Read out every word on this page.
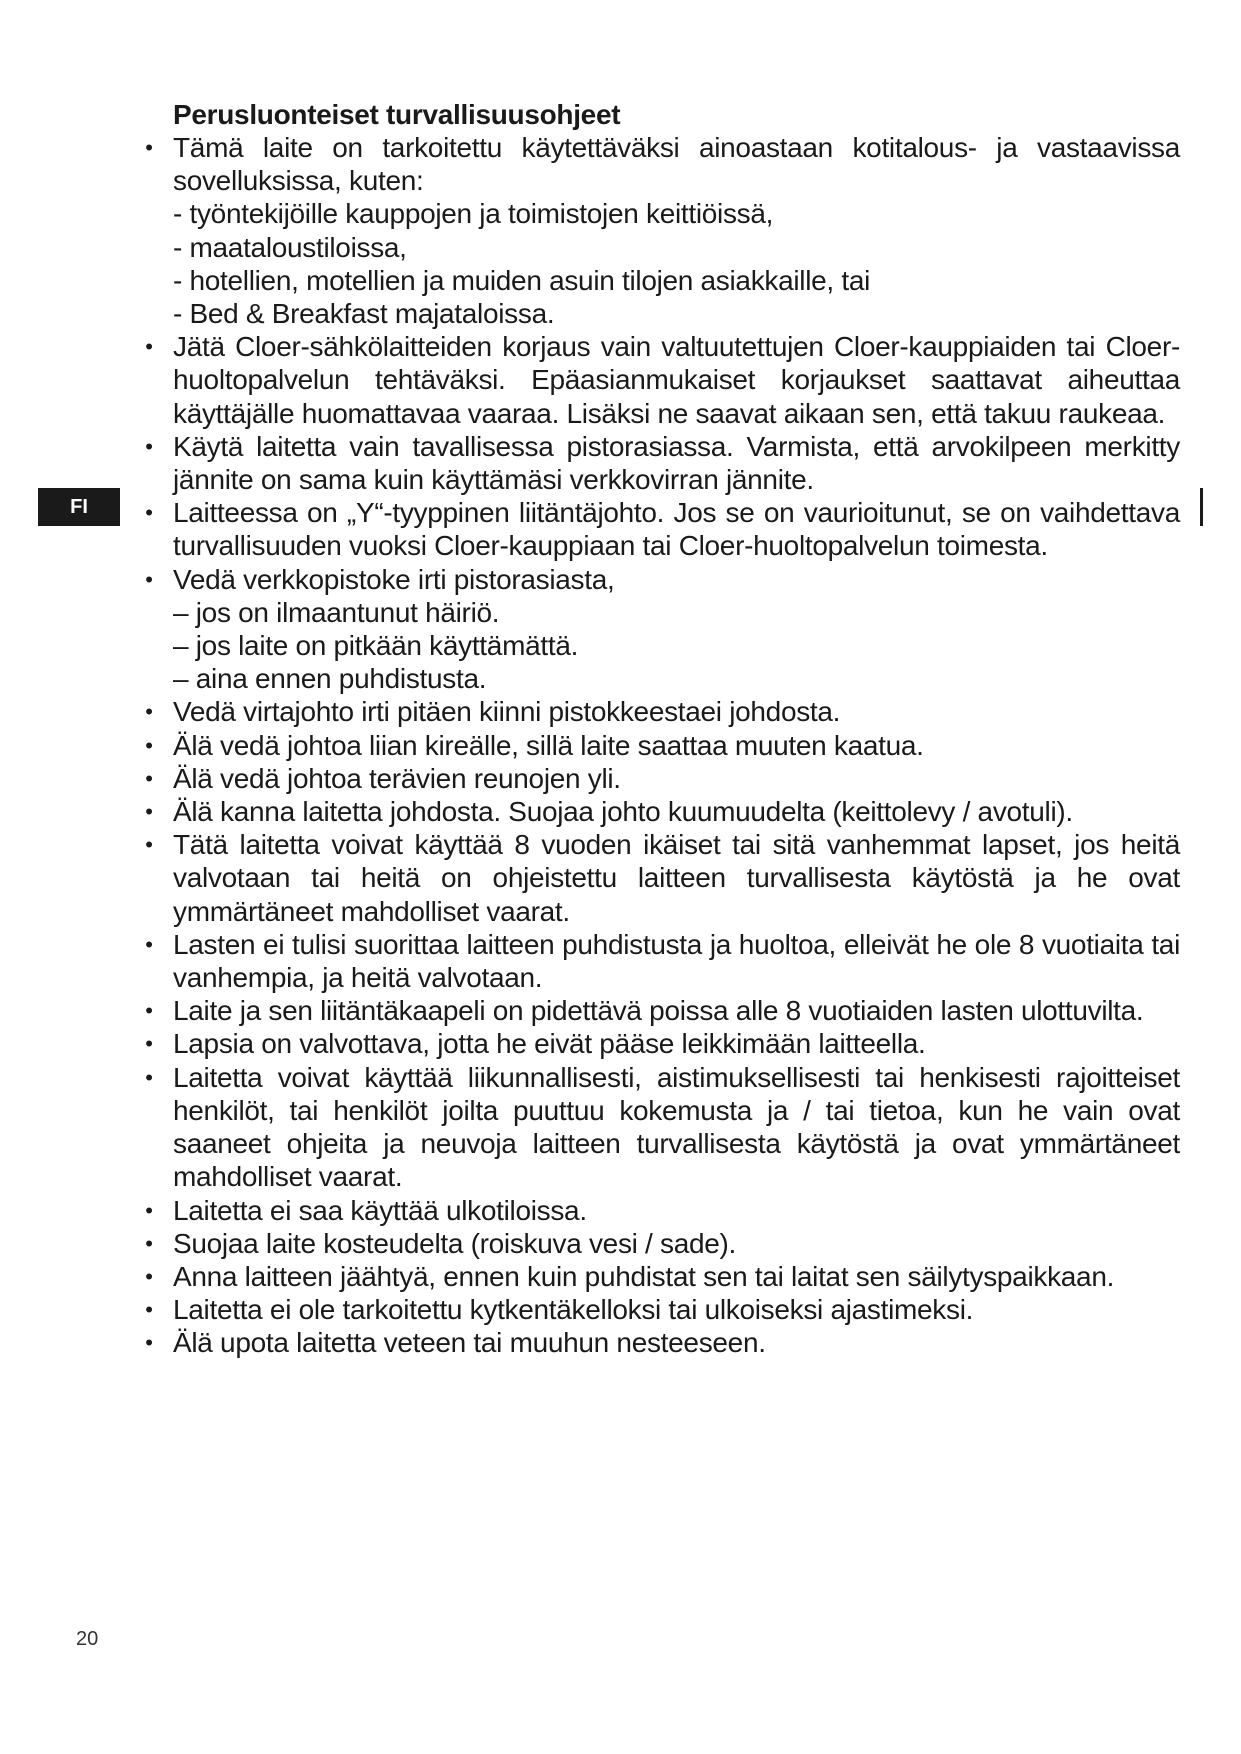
FI
Perusluonteiset turvallisuusohjeet
• Tämä laite on tarkoitettu käytettäväksi ainoastaan kotitalous- ja vastaavissa sovelluksissa, kuten:
- työntekijöille kauppojen ja toimistojen keittiöissä,
- maataloustiloissa,
- hotellien, motellien ja muiden asuin tilojen asiakkaille, tai
- Bed & Breakfast majataloissa.
• Jätä Cloer-sähkölaitteiden korjaus vain valtuutettujen Cloer-kauppiaiden tai Cloer-huoltopalvelun tehtäväksi. Epäasianmukaiset korjaukset saattavat aiheuttaa käyttäjälle huomattavaa vaaraa. Lisäksi ne saavat aikaan sen, että takuu raukeaa.
• Käytä laitetta vain tavallisessa pistorasiassa. Varmista, että arvokilpeen merkitty jännite on sama kuin käyttämäsi verkkovirran jännite.
• Laitteessa on „Y“-tyyppinen liitäntäjohto. Jos se on vaurioitunut, se on vaihdettava turvallisuuden vuoksi Cloer-kauppiaan tai Cloer-huoltopalvelun toimesta.
• Vedä verkkopistoke irti pistorasiasta,
– jos on ilmaantunut häiriö.
– jos laite on pitkään käyttämättä.
– aina ennen puhdistusta.
• Vedä virtajohto irti pitäen kiinni pistokkeestaei johdosta.
• Älä vedä johtoa liian kireälle, sillä laite saattaa muuten kaatua.
• Älä vedä johtoa terävien reunojen yli.
• Älä kanna laitetta johdosta. Suojaa johto kuumuudelta (keittolevy / avotuli).
• Tätä laitetta voivat käyttää 8 vuoden ikäiset tai sitä vanhemmat lapset, jos heitä valvotaan tai heitä on ohjeistettu laitteen turvallisesta käytöstä ja he ovat ymmärtäneet mahdolliset vaarat.
• Lasten ei tulisi suorittaa laitteen puhdistusta ja huoltoa, elleivät he ole 8 vuotiaita tai vanhempia, ja heitä valvotaan.
• Laite ja sen liitäntäkaapeli on pidettävä poissa alle 8 vuotiaiden lasten ulottuvilta.
• Lapsia on valvottava, jotta he eivät pääse leikkimään laitteella.
• Laitetta voivat käyttää liikunnallisesti, aistimuksellisesti tai henkisesti rajoitteiset henkilöt, tai henkilöt joilta puuttuu kokemusta ja / tai tietoa, kun he vain ovat saaneet ohjeita ja neuvoja laitteen turvallisesta käytöstä ja ovat ymmärtäneet mahdolliset vaarat.
• Laitetta ei saa käyttää ulkotiloissa.
• Suojaa laite kosteudelta (roiskuva vesi / sade).
• Anna laitteen jäähtyä, ennen kuin puhdistat sen tai laitat sen säilytyspaikkaan.
• Laitetta ei ole tarkoitettu kytkentäkelloksi tai ulkoiseksi ajastimeksi.
• Älä upota laitetta veteen tai muuhun nesteeseen.
20
